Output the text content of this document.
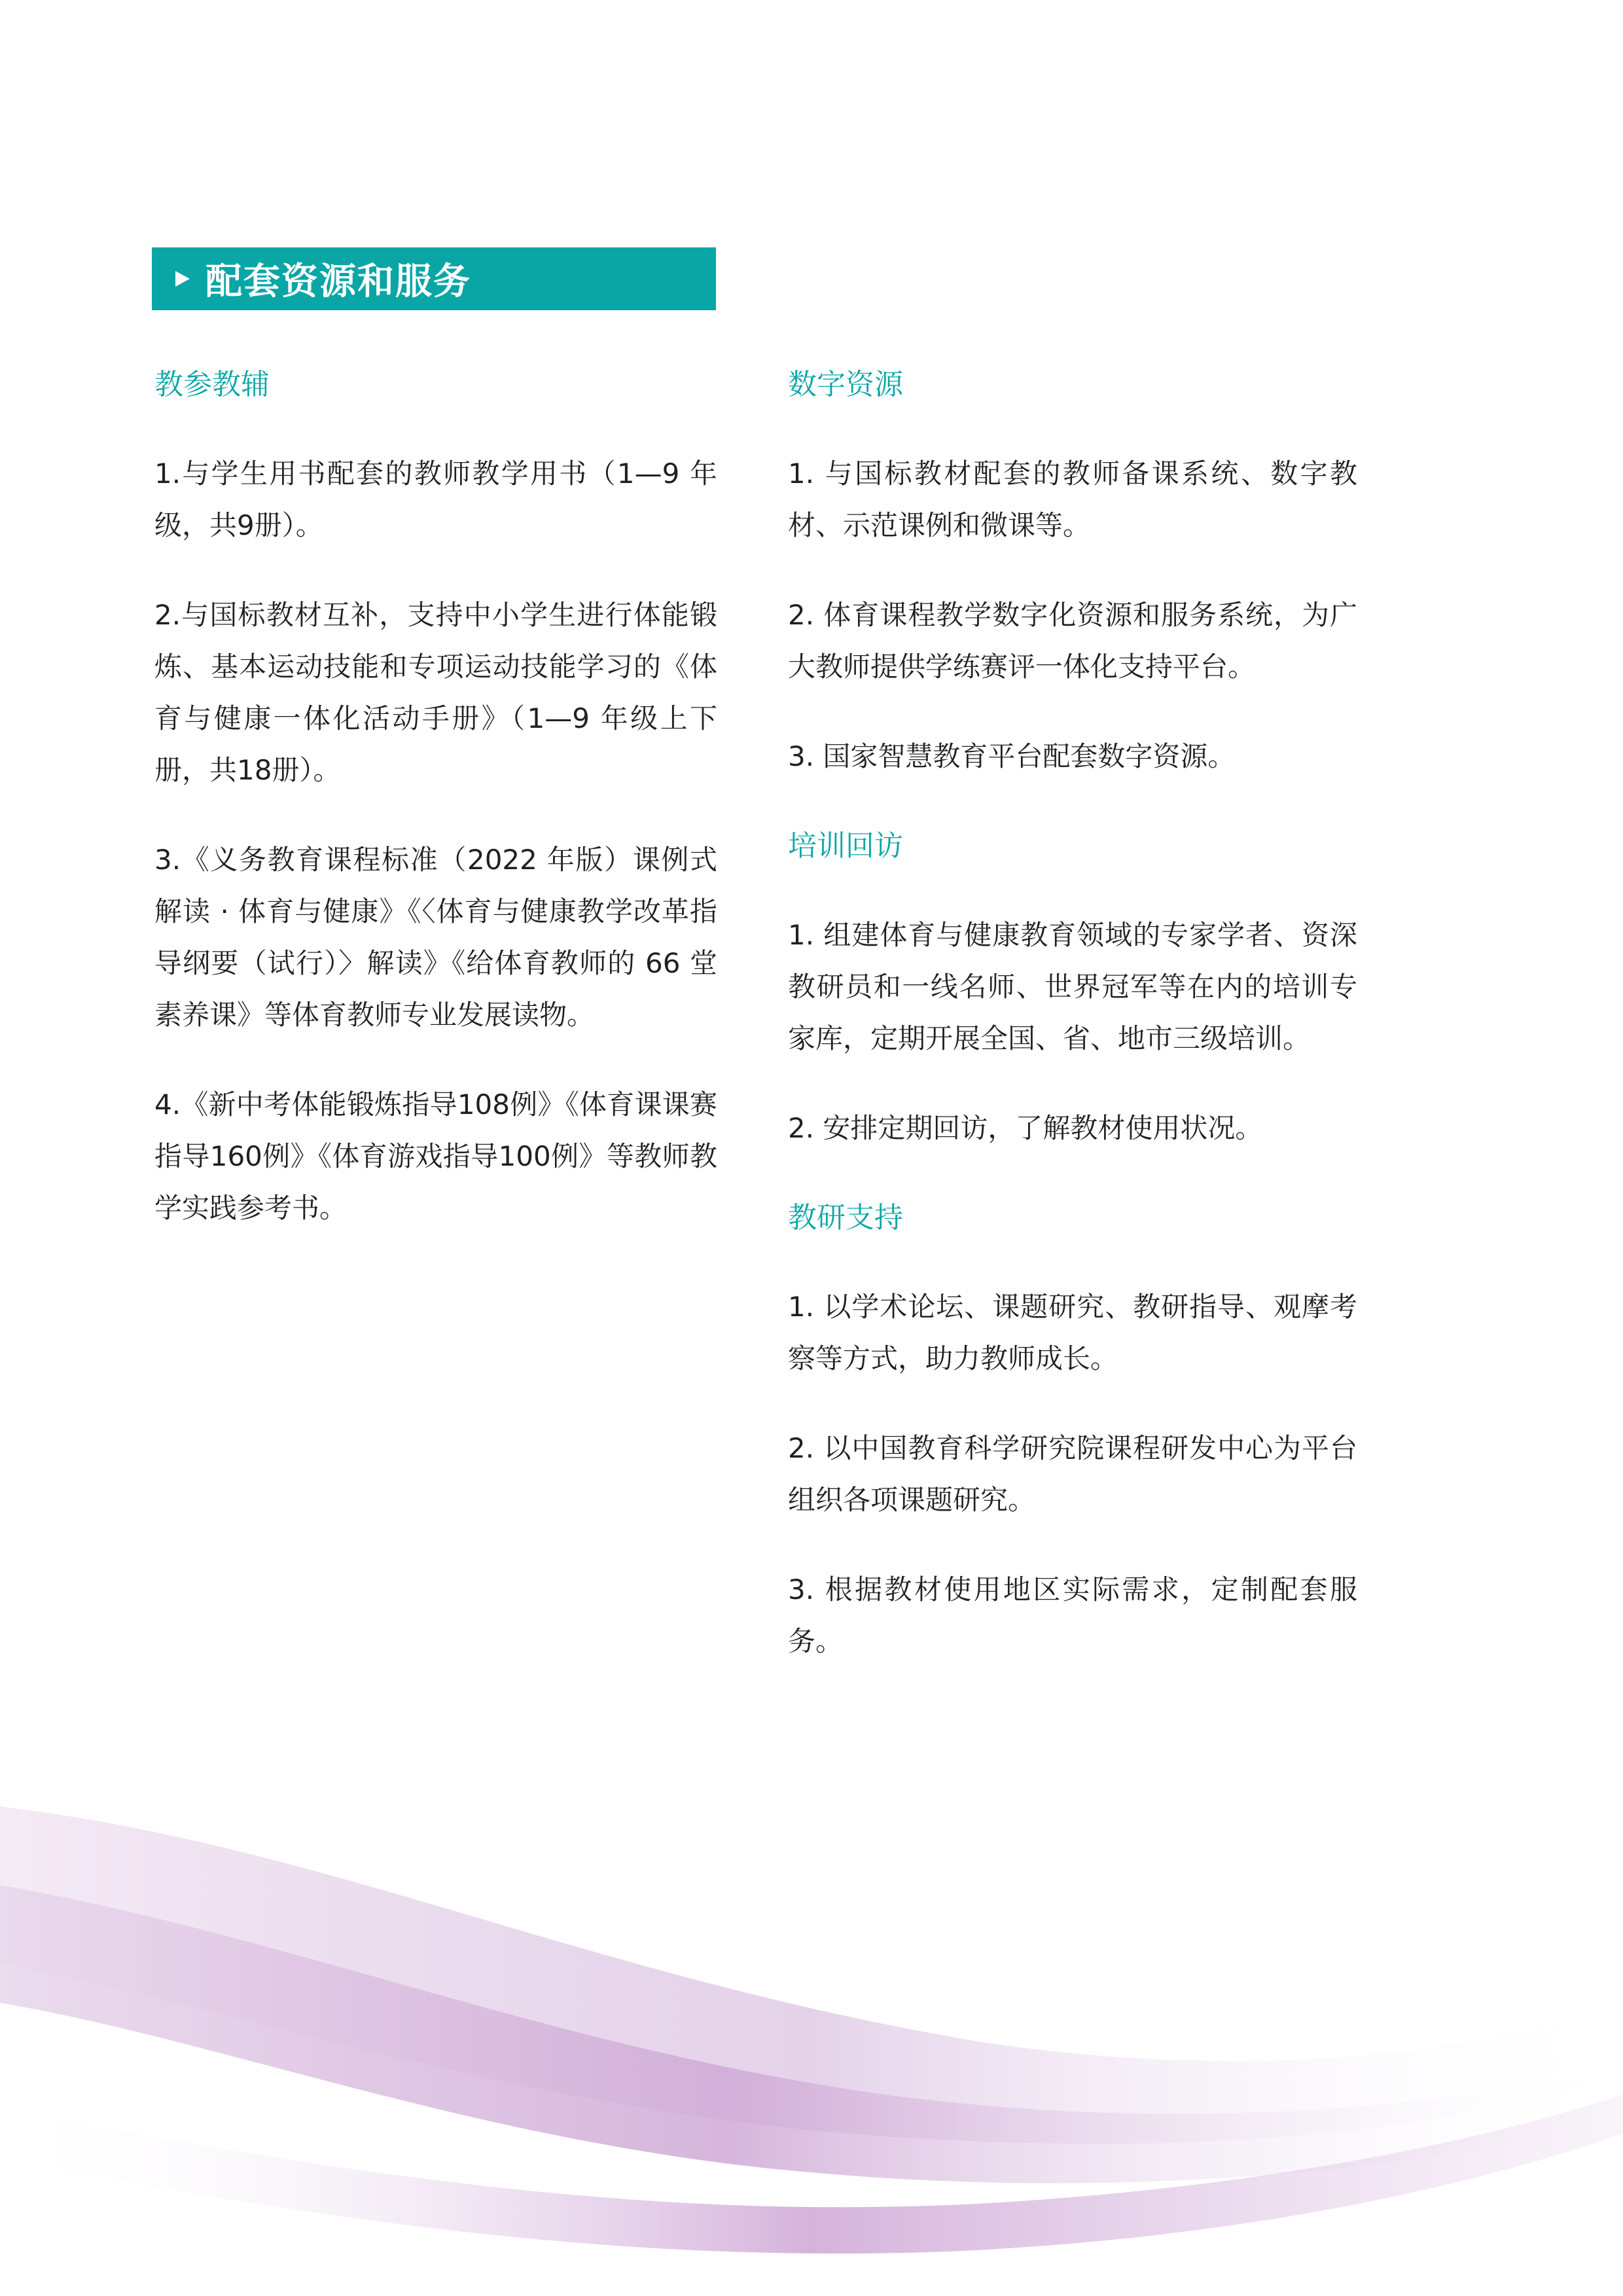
配套资源和服务
教参教辅

1.与学生用书配套的教师教学用书（1—9 年级，共9册）。

2.与国标教材互补，支持中小学生进行体能锻炼、基本运动技能和专项运动技能学习的《体育与健康一体化活动手册》（1—9 年级上下册，共18册）。

3.《义务教育课程标准（2022 年版）课例式解读 · 体育与健康》《〈体育与健康教学改革指导纲要（试行）〉解读》《给体育教师的 66 堂素养课》等体育教师专业发展读物。

4.《新中考体能锻炼指导108例》《体育课课赛指导160例》《体育游戏指导100例》等教师教学实践参考书。

数字资源

1. 与国标教材配套的教师备课系统、数字教材、示范课例和微课等。

2. 体育课程教学数字化资源和服务系统，为广大教师提供学练赛评一体化支持平台。

3. 国家智慧教育平台配套数字资源。

培训回访

1. 组建体育与健康教育领域的专家学者、资深教研员和一线名师、世界冠军等在内的培训专家库，定期开展全国、省、地市三级培训。

2. 安排定期回访，了解教材使用状况。

教研支持

1. 以学术论坛、课题研究、教研指导、观摩考察等方式，助力教师成长。

2. 以中国教育科学研究院课程研发中心为平台组织各项课题研究。

3. 根据教材使用地区实际需求，定制配套服务。
